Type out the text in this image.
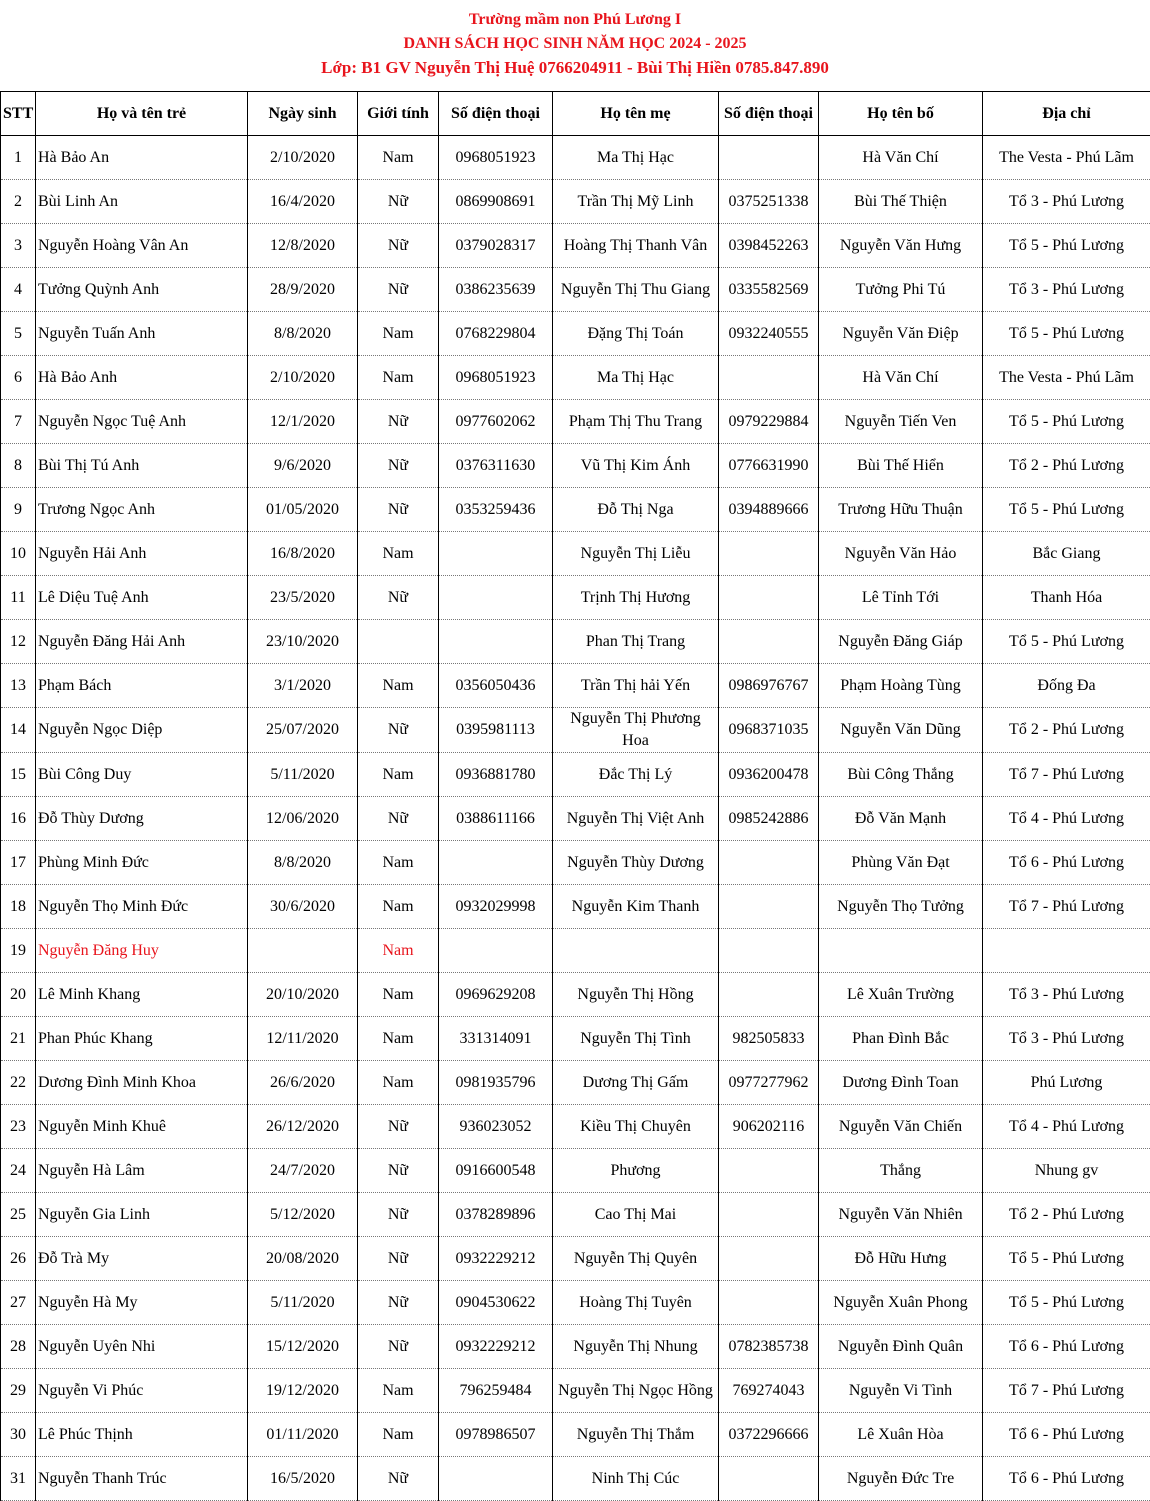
Trường mầm non Phú Lương I
DANH SÁCH HỌC SINH NĂM HỌC 2024 - 2025
Lớp: B1 GV Nguyễn Thị Huệ 0766204911 - Bùi Thị Hiền 0785.847.890
STT	Họ và tên trẻ	Ngày sinh	Giới tính	Số điện thoại	Họ tên mẹ	Số điện thoại	Họ tên bố	Địa chỉ
1	Hà Bảo An	2/10/2020	Nam	0968051923	Ma Thị Hạc		Hà Văn Chí	The Vesta - Phú Lãm
2	Bùi Linh An	16/4/2020	Nữ	0869908691	Trần Thị Mỹ Linh	0375251338	Bùi Thế Thiện	Tổ 3 - Phú Lương
3	Nguyễn Hoàng Vân An	12/8/2020	Nữ	0379028317	Hoàng Thị Thanh Vân	0398452263	Nguyễn Văn Hưng	Tổ 5 - Phú Lương
4	Tưởng Quỳnh Anh	28/9/2020	Nữ	0386235639	Nguyễn Thị Thu Giang	0335582569	Tưởng Phi Tú	Tổ 3 - Phú Lương
5	Nguyễn Tuấn Anh	8/8/2020	Nam	0768229804	Đặng Thị Toán	0932240555	Nguyễn Văn Điệp	Tổ 5 - Phú Lương
6	Hà Bảo Anh	2/10/2020	Nam	0968051923	Ma Thị Hạc		Hà Văn Chí	The Vesta - Phú Lãm
7	Nguyễn Ngọc Tuệ Anh	12/1/2020	Nữ	0977602062	Phạm Thị Thu Trang	0979229884	Nguyễn Tiến Ven	Tổ 5 - Phú Lương
8	Bùi Thị Tú Anh	9/6/2020	Nữ	0376311630	Vũ Thị Kim Ánh	0776631990	Bùi Thế Hiển	Tổ 2 - Phú Lương
9	Trương Ngọc Anh	01/05/2020	Nữ	0353259436	Đỗ Thị Nga	0394889666	Trương Hữu Thuận	Tổ 5 - Phú Lương
10	Nguyễn Hải Anh	16/8/2020	Nam		Nguyễn Thị Liễu		Nguyễn Văn Hảo	Bắc Giang
11	Lê Diệu Tuệ Anh	23/5/2020	Nữ		Trịnh Thị Hương		Lê Tỉnh Tới	Thanh Hóa
12	Nguyễn Đăng Hải Anh	23/10/2020			Phan Thị Trang		Nguyễn Đăng Giáp	Tổ 5 - Phú Lương
13	Phạm Bách	3/1/2020	Nam	0356050436	Trần Thị hải Yến	0986976767	Phạm Hoàng Tùng	Đống Đa
14	Nguyễn Ngọc Diệp	25/07/2020	Nữ	0395981113	Nguyễn Thị Phương Hoa	0968371035	Nguyễn Văn Dũng	Tổ 2 - Phú Lương
15	Bùi Công Duy	5/11/2020	Nam	0936881780	Đắc Thị Lý	0936200478	Bùi Công Thắng	Tổ 7 - Phú Lương
16	Đỗ Thùy Dương	12/06/2020	Nữ	0388611166	Nguyễn Thị Việt Anh	0985242886	Đỗ Văn Mạnh	Tổ 4 - Phú Lương
17	Phùng Minh Đức	8/8/2020	Nam		Nguyễn Thùy Dương		Phùng Văn Đạt	Tổ 6 - Phú Lương
18	Nguyễn Thọ Minh Đức	30/6/2020	Nam	0932029998	Nguyễn Kim Thanh		Nguyễn Thọ Tưởng	Tổ 7 - Phú Lương
19	Nguyễn Đăng Huy		Nam					
20	Lê Minh Khang	20/10/2020	Nam	0969629208	Nguyễn Thị Hồng		Lê Xuân Trường	Tổ 3 - Phú Lương
21	Phan Phúc Khang	12/11/2020	Nam	331314091	Nguyễn Thị Tình	982505833	Phan Đình Bắc	Tổ 3 - Phú Lương
22	Dương Đình Minh Khoa	26/6/2020	Nam	0981935796	Dương Thị Gấm	0977277962	Dương Đình Toan	Phú Lương
23	Nguyễn Minh Khuê	26/12/2020	Nữ	936023052	Kiều Thị Chuyên	906202116	Nguyễn Văn Chiến	Tổ 4 - Phú Lương
24	Nguyễn Hà Lâm	24/7/2020	Nữ	0916600548	Phương		Thắng	Nhung gv
25	Nguyễn Gia Linh	5/12/2020	Nữ	0378289896	Cao Thị Mai		Nguyễn Văn Nhiên	Tổ 2 - Phú Lương
26	Đỗ Trà My	20/08/2020	Nữ	0932229212	Nguyễn Thị Quyên		Đỗ Hữu Hưng	Tổ 5 - Phú Lương
27	Nguyễn Hà My	5/11/2020	Nữ	0904530622	Hoàng Thị Tuyên		Nguyễn Xuân Phong	Tổ 5 - Phú Lương
28	Nguyễn Uyên Nhi	15/12/2020	Nữ	0932229212	Nguyễn Thị Nhung	0782385738	Nguyễn Đình Quân	Tổ 6 - Phú Lương
29	Nguyễn Vi Phúc	19/12/2020	Nam	796259484	Nguyễn Thị Ngọc Hồng	769274043	Nguyễn Vi Tình	Tổ 7 - Phú Lương
30	Lê Phúc Thịnh	01/11/2020	Nam	0978986507	Nguyễn Thị Thắm	0372296666	Lê Xuân Hòa	Tổ 6 - Phú Lương
31	Nguyễn Thanh Trúc	16/5/2020	Nữ		Ninh Thị Cúc		Nguyễn Đức Tre	Tổ 6 - Phú Lương
